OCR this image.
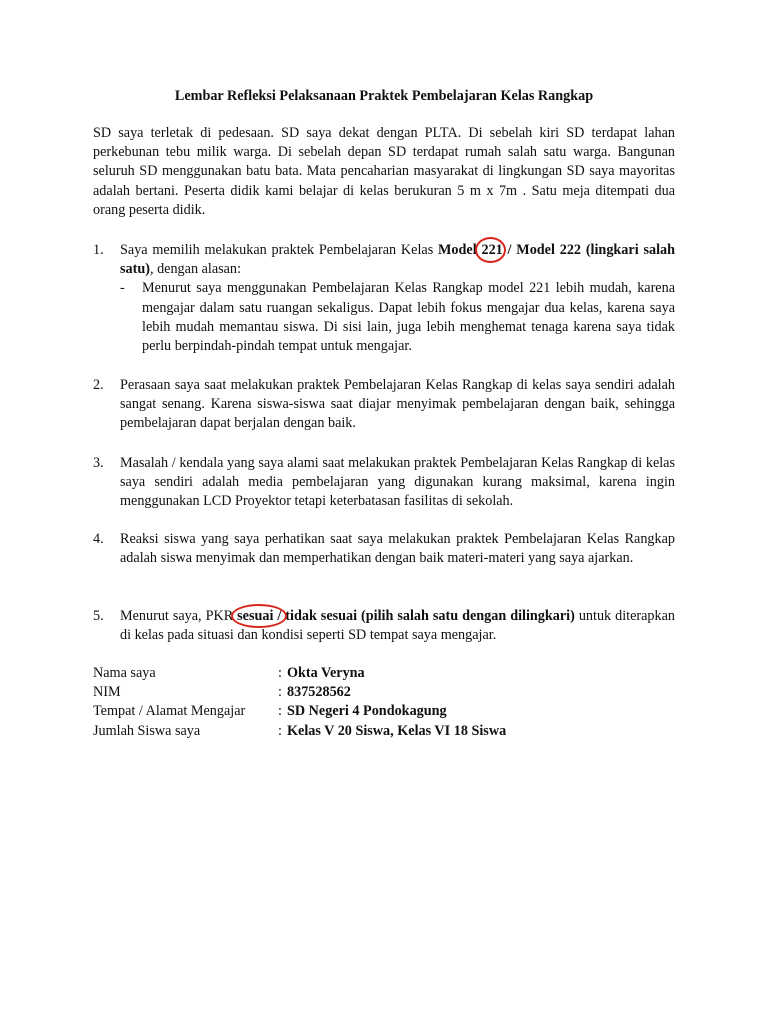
Lembar Refleksi Pelaksanaan Praktek Pembelajaran Kelas Rangkap
SD saya terletak di pedesaan. SD saya dekat dengan PLTA. Di sebelah kiri SD terdapat lahan perkebunan tebu milik warga. Di sebelah depan SD terdapat rumah salah satu warga. Bangunan seluruh SD menggunakan batu bata. Mata pencaharian masyarakat di lingkungan SD saya mayoritas adalah bertani. Peserta didik kami belajar di kelas berukuran 5 m x 7m . Satu meja ditempati dua orang peserta didik.
1. Saya memilih melakukan praktek Pembelajaran Kelas Model 221
/ Model 222 (lingkari salah satu), dengan alasan:
- Menurut saya menggunakan Pembelajaran Kelas Rangkap model 221 lebih mudah, karena mengajar dalam satu ruangan sekaligus. Dapat lebih fokus mengajar dua kelas, karena saya lebih mudah memantau siswa. Di sisi lain, juga lebih menghemat tenaga karena saya tidak perlu berpindah-pindah tempat untuk mengajar.
2. Perasaan saya saat melakukan praktek Pembelajaran Kelas Rangkap di kelas saya sendiri adalah sangat senang. Karena siswa-siswa saat diajar menyimak pembelajaran dengan baik, sehingga pembelajaran dapat berjalan dengan baik.
3. Masalah / kendala yang saya alami saat melakukan praktek Pembelajaran Kelas Rangkap di kelas saya sendiri adalah media pembelajaran yang digunakan kurang maksimal, karena ingin menggunakan LCD Proyektor tetapi keterbatasan fasilitas di sekolah.
4. Reaksi siswa yang saya perhatikan saat saya melakukan praktek Pembelajaran Kelas Rangkap adalah siswa menyimak dan memperhatikan dengan baik materi-materi yang saya ajarkan.
5. Menurut saya, PKR sesuai
/ tidak sesuai (pilih salah satu dengan dilingkari) untuk diterapkan di kelas pada situasi dan kondisi seperti SD tempat saya mengajar.
Nama saya	: Okta Veryna
NIM	: 837528562
Tempat / Alamat Mengajar : SD Negeri 4 Pondokagung
Jumlah Siswa saya	: Kelas V 20 Siswa, Kelas VI 18 Siswa
